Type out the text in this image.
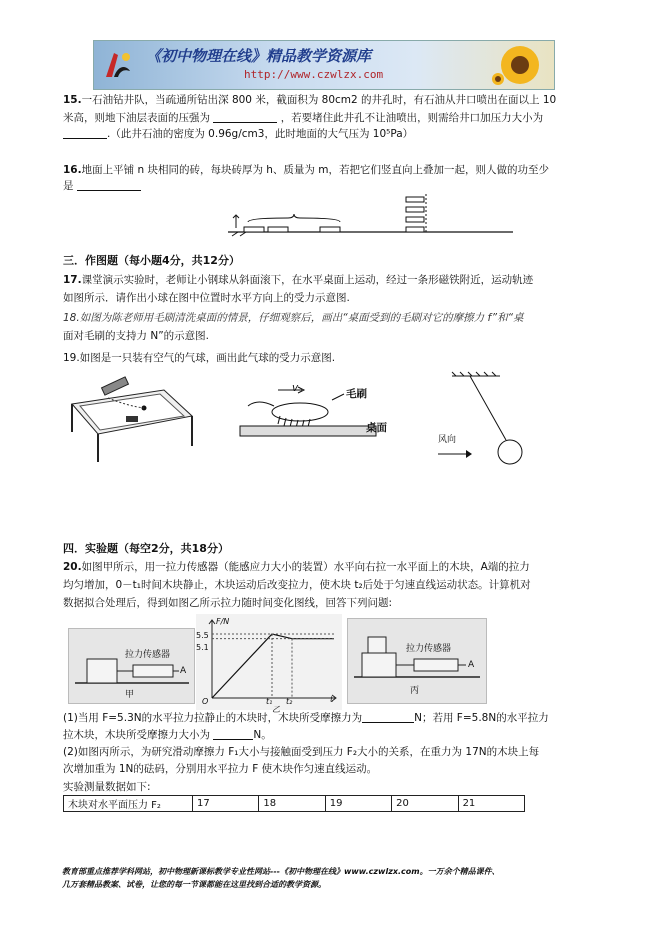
《初中物理在线》精品教学资源库
http://www.czwlzx.com
15.一石油钻井队，当疏通所钻出深 800 米，截面积为 80cm2 的井孔时，有石油从井口喷出在面以上 10
米高，则地下油层表面的压强为	，若要堵住此井孔不让油喷出，则需给井口加压力大小为
.（此井石油的密度为 0.96g/cm3，此时地面的大气压为 10⁵Pa）
16.地面上平铺 n 块相同的砖，每块砖厚为 h、质量为 m，若把它们竖直向上叠加一起，则人做的功至少
是
三．作图题（每小题4分，共12分）
17.课堂演示实验时，老师让小钢球从斜面滚下，在水平桌面上运动，经过一条形磁铁附近，运动轨迹
如图所示．请作出小球在图中位置时水平方向上的受力示意图.
18.如图为陈老师用毛刷清洗桌面的情景，仔细观察后，画出“桌面受到的毛刷对它的摩擦力 f”和“桌
面对毛刷的支持力 N”的示意图.
19.如图是一只装有空气的气球，画出此气球的受力示意图.
v	毛刷
桌面
风向
四．实验题（每空2分，共18分）
20.如图甲所示，用一拉力传感器（能感应力大小的装置）水平向右拉一水平面上的木块，A端的拉力
均匀增加，0－t₁时间木块静止，木块运动后改变拉力，使木块 t₂后处于匀速直线运动状态。计算机对
数据拟合处理后，得到如图乙所示拉力随时间变化图线，回答下列问题:
拉力传感器
A
甲
F/N
5.5
5.1
O	t₁ t₂	t
乙
拉力传感器
A
丙
(1)当用 F=5.3N的水平拉力拉静止的木块时，木块所受摩擦力为	N；若用 F=5.8N的水平拉力
拉木块，木块所受摩擦力大小为	N。
(2)如图丙所示，为研究滑动摩擦力 F₁大小与接触面受到压力 F₂大小的关系，在重力为 17N的木块上每
次增加重为 1N的砝码，分别用水平拉力 F 使木块作匀速直线运动。
实验测量数据如下:
木块对水平面压力 F₂	17	18	19	20	21
教育部重点推荐学科网站，初中物理新课标教学专业性网站---《初中物理在线》www.czwlzx.com。一万余个精品课件、
几万套精品教案、试卷，让您的每一节课都能在这里找到合适的教学资源。
